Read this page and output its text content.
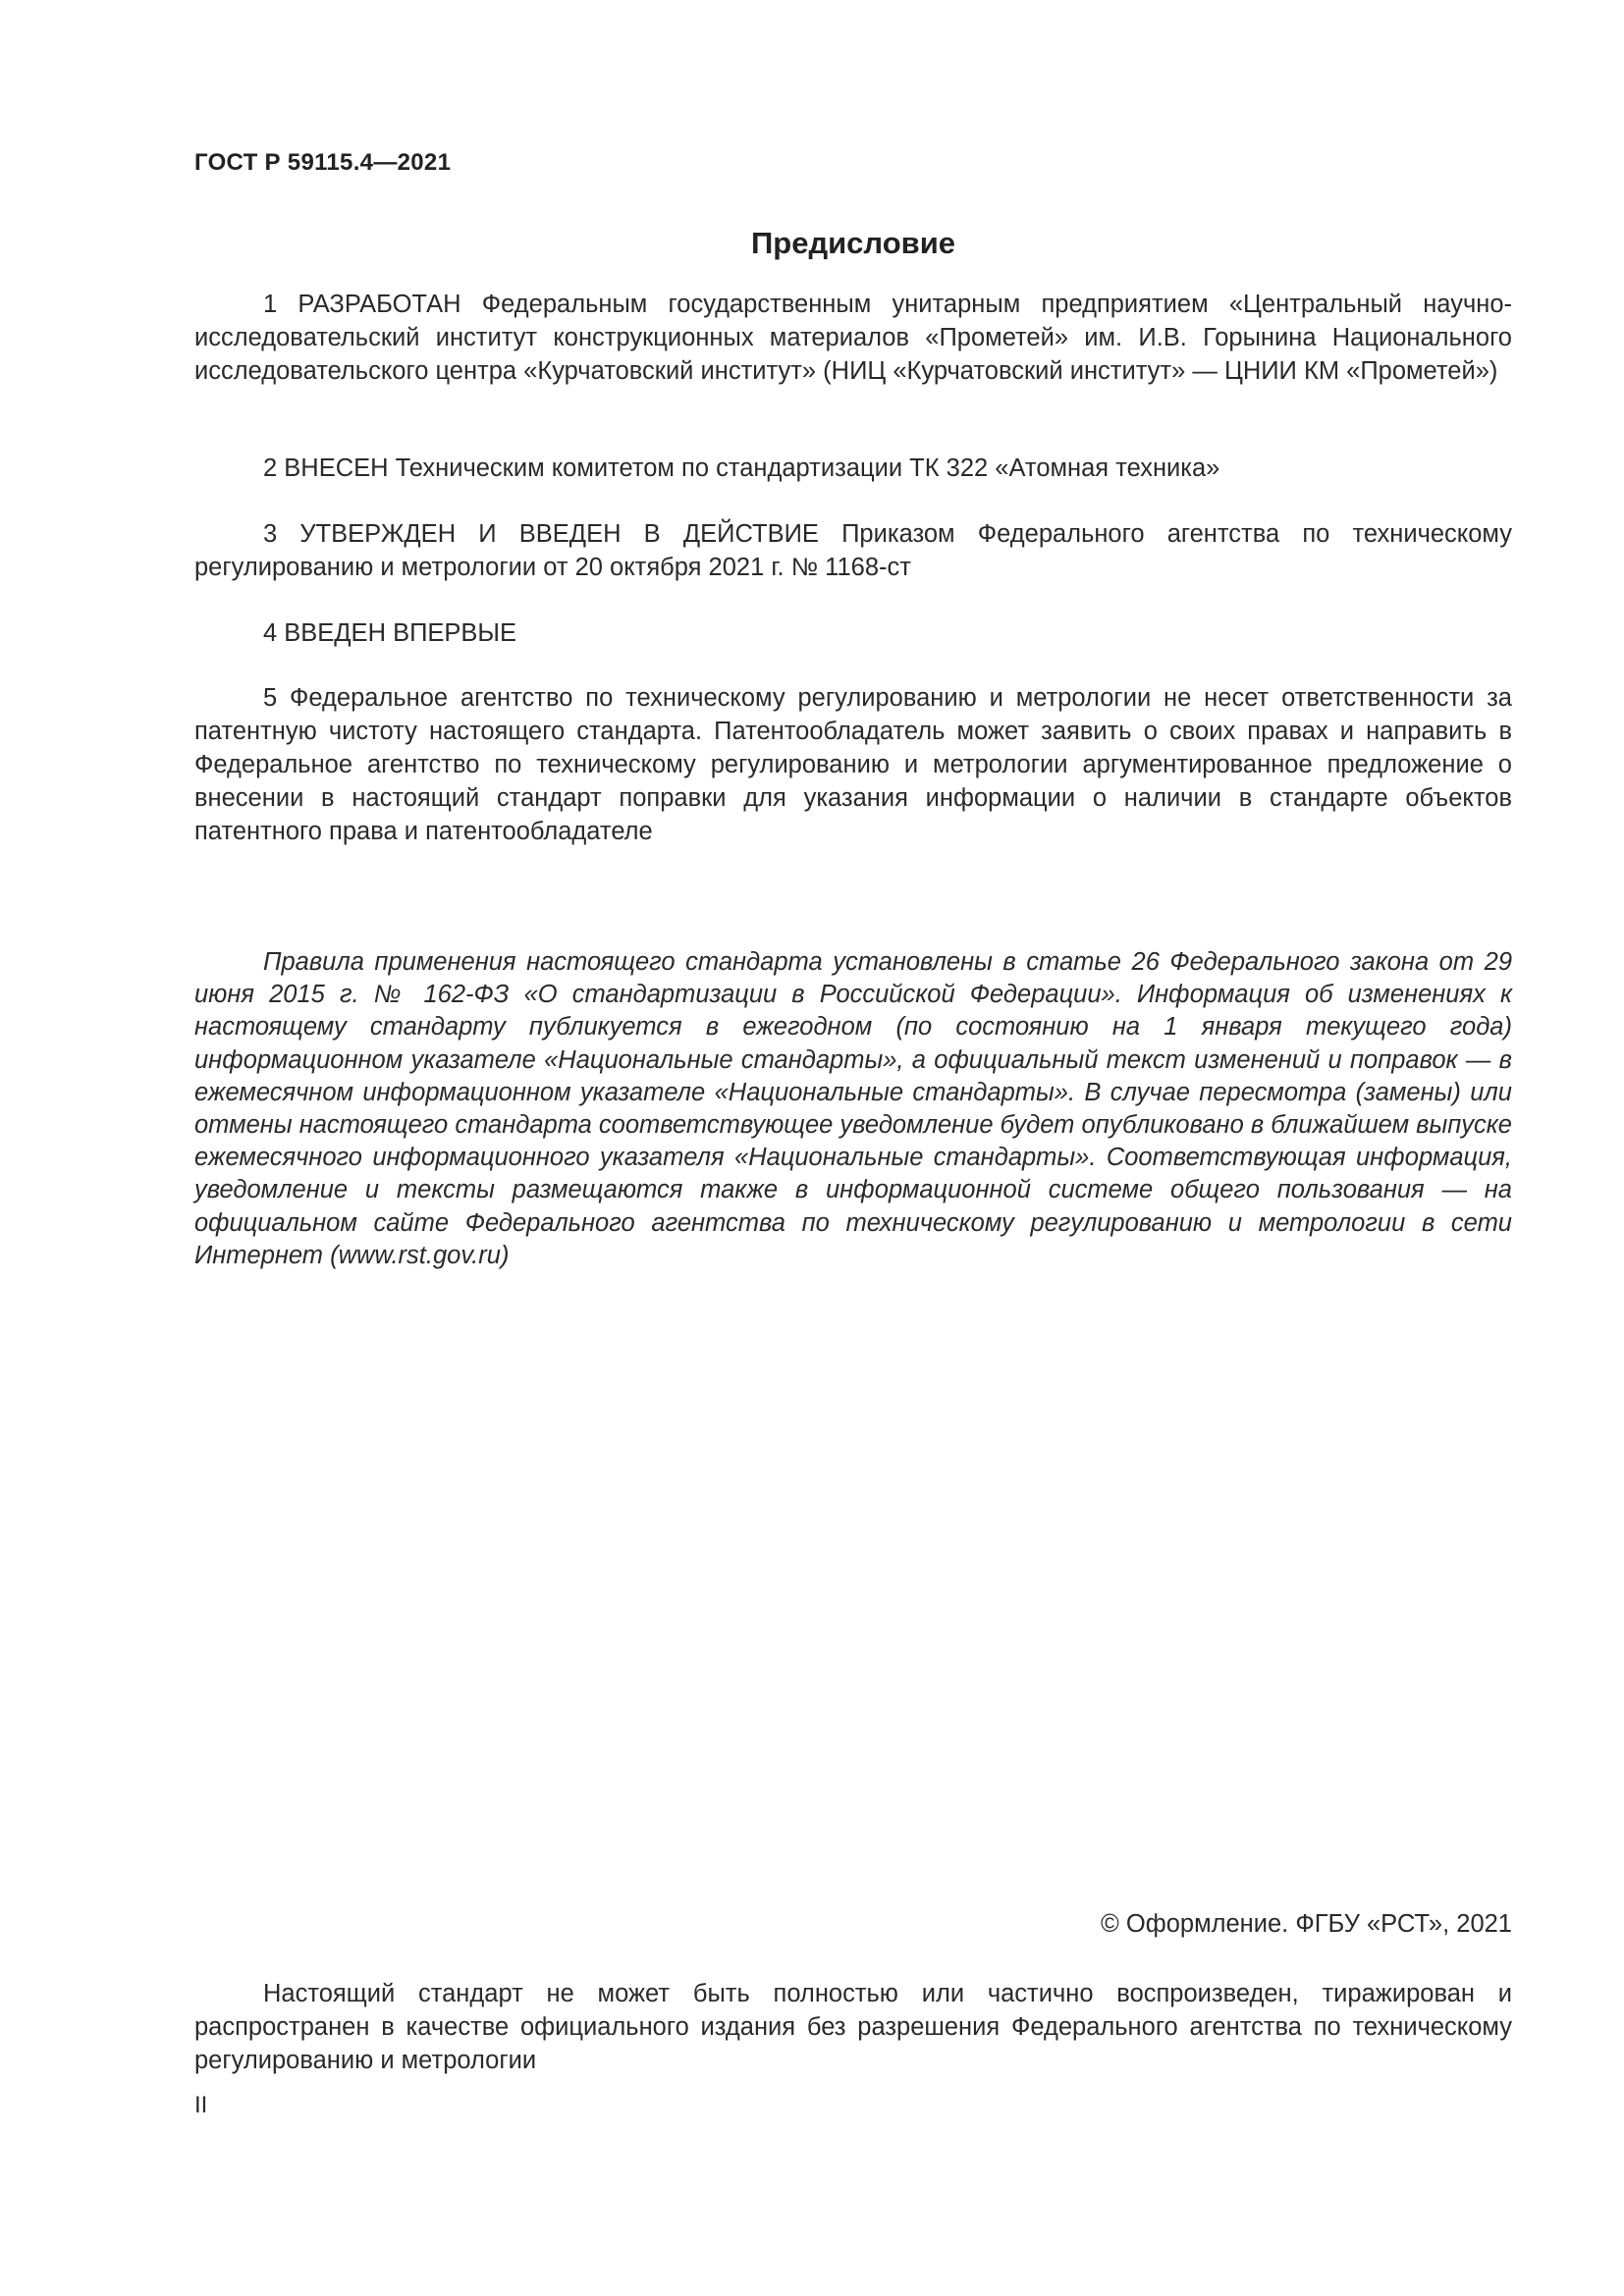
ГОСТ Р 59115.4—2021
Предисловие
1 РАЗРАБОТАН Федеральным государственным унитарным предприятием «Центральный научно-исследовательский институт конструкционных материалов «Прометей» им. И.В. Горынина Национального исследовательского центра «Курчатовский институт» (НИЦ «Курчатовский институт» — ЦНИИ КМ «Прометей»)
2 ВНЕСЕН Техническим комитетом по стандартизации ТК 322 «Атомная техника»
3 УТВЕРЖДЕН И ВВЕДЕН В ДЕЙСТВИЕ Приказом Федерального агентства по техническому регулированию и метрологии от 20 октября 2021 г. № 1168-ст
4 ВВЕДЕН ВПЕРВЫЕ
5 Федеральное агентство по техническому регулированию и метрологии не несет ответственности за патентную чистоту настоящего стандарта. Патентообладатель может заявить о своих правах и направить в Федеральное агентство по техническому регулированию и метрологии аргументированное предложение о внесении в настоящий стандарт поправки для указания информации о наличии в стандарте объектов патентного права и патентообладателе
Правила применения настоящего стандарта установлены в статье 26 Федерального закона от 29 июня 2015 г. № 162-ФЗ «О стандартизации в Российской Федерации». Информация об изменениях к настоящему стандарту публикуется в ежегодном (по состоянию на 1 января текущего года) информационном указателе «Национальные стандарты», а официальный текст изменений и поправок — в ежемесячном информационном указателе «Национальные стандарты». В случае пересмотра (замены) или отмены настоящего стандарта соответствующее уведомление будет опубликовано в ближайшем выпуске ежемесячного информационного указателя «Национальные стандарты». Соответствующая информация, уведомление и тексты размещаются также в информационной системе общего пользования — на официальном сайте Федерального агентства по техническому регулированию и метрологии в сети Интернет (www.rst.gov.ru)
© Оформление. ФГБУ «РСТ», 2021
Настоящий стандарт не может быть полностью или частично воспроизведен, тиражирован и распространен в качестве официального издания без разрешения Федерального агентства по техническому регулированию и метрологии
II
